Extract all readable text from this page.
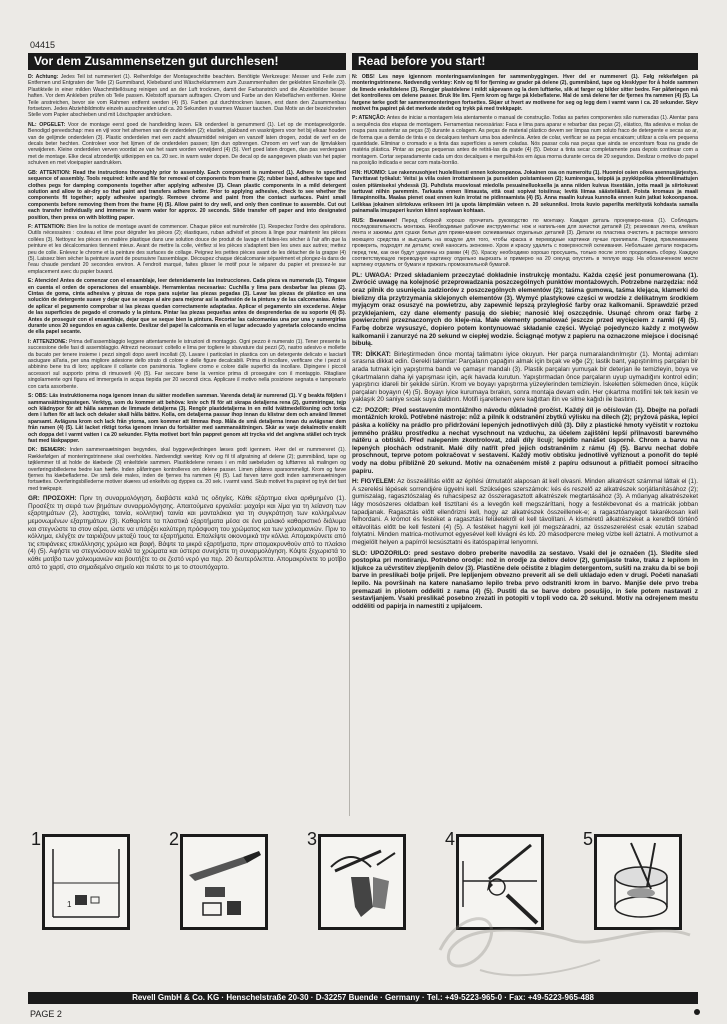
04415
Vor dem Zusammensetzen gut durchlesen!	Read before you start!

D: Achtung: Jedes Teil ist nummeriert (1). Reihenfolge der Montageschritte beachten. Benötigte Werkzeuge: Messer und Feile zum Entfernen und Entgraten der Teile (2) Gummiband, Klebeband und Wäscheklammern zum Zusammenhalten der geklebten Einzelteile (3). Plastikteile in einer milden Waschmittellösung reinigen und an der Luft trocknen, damit der Farbanstrich und die Abziehbilder besser haften. Vor dem Ankleben prüfen ob Teile passen. Klebstoff sparsam auftragen. Chrom und Farbe an den Klebeflächen entfernen. Kleine Teile anstreichen, bevor sie vom Rahmen entfernt werden (4) (5). Farben gut durchtrocknen lassen, erst dann den Zusammenbau fortsetzen. Jedes Abziehbildmotiv einzeln ausschneiden und ca. 20 Sekunden in warmes Wasser tauchen. Das Motiv an der bezeichneten Stelle vom Papier abschieben und mit Löschpapier andrücken.

NL: OPGELET: Voor de montage eerst goed de handleiding lezen. Elk onderdeel is genummerd (1). Let op de montagevolgorde. Benodigd gereedschap: mes en vijl voor het afnemen van de onderdelen (2); elastiek, plakband en wasknijpers voor het bij elkaar houden van de gelijmde onderdelen (3). Plastic onderdelen met een zacht afwasmiddel reinigen en vanzelf laten drogen, zodat de verf en de decals beter hechten. Controleer voor het lijmen of de onderdelen passen; lijm dun opbrengen. Chroom en verf van de lijmvlakken verwijderen. Kleine onderdelen verven voordat ze van het raam worden verwijderd (4) (5). Verf goed laten drogen, dan pas verdergaan met de montage. Elke decal afzonderlijk uitknippen en ca. 20 sec. in warm water dopen. De decal op de aangegeven plaats van het papier schuiven en met vloeipapier aandrukken.

GB: ATTENTION: Read the instructions thoroughly prior to assembly. Each component is numbered (1). Adhere to specified sequence of assembly. Tools required: knife and file for removal of components from frame (2); rubber band, adhesive tape and clothes pegs for damping components together after applying adhesive (3). Clean plastic components in a mild detergent solution and allow to air-dry so that paint and transfers adhere better. Prior to applying adhesive, check to see whether the components fit together; apply adhesive sparingly. Remove chrome and paint from the contact surfaces. Paint small components before removing them from the frame (4) (5). Allow paint to dry well, and only then continue to assemble. Cut out each transfer individually and immerse in warm water for approx. 20 seconds. Slide transfer off paper and into designated position, then press on with blotting paper.

F: ATTENTION: Bien lire la notice de montage avant de commencer. Chaque pièce est numérotée (1). Respectez l'ordre des opérations. Outils nécessaires : couteau et lime pour dégrafer les pièces (2); élastiques, ruban adhésif et pinces à linge pour maintenir les pièces collées (3). Nettoyez les pièces en matière plastique dans une solution douce de produit de lavage et faites-les sécher à l'air afin que la peinture et les décalcomanies tiennent mieux. Avant de mettre la colle, vérifiez si les pièces s'adaptent bien les unes aux autres; mettez peu de colle. Enlevez le chrome et la peinture des surfaces de collage. Peignez les petites pièces avant de les détacher de la grappe (4)(5). Laissez bien sécher la peinture avant de poursuivre l'assemblage. Découpez chaque décalcomanie séparément et plongez-la dans de l'eau chaude pendant 20 secondes environ. A l'endroit marqué, faites glisser le motif pour le séparer du papier et pressez-le sur emplacement avec du papier buvard.

E: Atención! Antes de comenzar con el ensamblaje, leer detenidamente las instrucciones. Cada pieza va numerada (1). Téngase en cuenta el orden de operaciones del ensamblaje. Herramientas necesarias: Cuchilla y lima para desbarbar las piezas (2). Cintas de goma, cinta adhesiva y pinzas de ropa para sujetar las piezas pegadas (3). Lavar las piezas de plástico en una solución de detergente suave y dejar que se seque al aire para mejorar así la adhesión de la pintura y de las calcomanías. Antes de aplicar el pegamento comprobar si las piezas quedan correctamente adaptadas. Aplicar el pegamento sin excederse. Alejar de las superficies de pegado el cromado y la pintura. Pintar las piezas pequeñas antes de desprenderlas de su soporte (4) (5). Antes de proseguir con el ensamblaje, dejar que se seque bien la pintura. Recortar las calcomanías una por una y sumergirlas durante unos 20 segundos en agua caliente. Deslizar del papel la calcomanía en el lugar adecuado y apretarla colocando encima de ella papel secante.

I: ATTENZIONE: Prima dell'assemblaggio leggere attentamente le istruzioni di montaggio. Ogni pezzo è numerato (1). Tener presente la successione delle fasi di assemblaggio. Attrezzi necessari: coltello e lima per togliere le sbavature dai pezzi (2), nastro adesivo e mollette da bucato per tenere insieme i pezzi singoli dopo averli incollati (3). Lavare i particolari in plastica con un detergente delicato e lasciarli asciugare all'aria, per una migliore adesione dello strato di colore e delle figure decalcabili. Prima di incollare, verificare che i pezzi si abbinino bene tra di loro; applicare il collante con parsimonia. Togliere cromo e colore dalle superfici da incollare. Dipingere i piccoli accessori sul supporto prima di rimuoverli (4) (5). Far seccare bene la vernice prima di proseguire con il montaggio. Ritagliare singolarmente ogni figura ed immergerla in acqua tiepida per 20 secondi circa. Applicare il motivo nella posizione segnata e tamponarlo con carta assorbente.

S: OBS: Läs instruktionerna noga igenom innan du sätter modellen samman. Varenda detalj är numrerad (1). V g beakta följden i sammansättningsstegen. Verktyg, som du kommer att behöva: kniv och fil för att skrapa detaljerna rena (2), gummiringar, tejp och klädnypor för att hålla samman de limmade detaljerna (3). Rengör plastdetaljerna in en mild tvättmedellösning och torka dem i luften för att lack och dekaler skall hålla bättre. Kolla, om detaljerna passar ihop innan du klistrar dem och använd limmet sparsamt. Avlägsna krom och lack från ytorna, som kommer att limmas ihop. Måla de små detaljerna innan du avlägsnar dem från ramen (4) (5). Låt lacket riktigt torka igenom innan du fortsätter med sammansättningen. Skär av varje dekalmotiv enskilt och doppa det i varmt vatten i ca 20 sekunder. Flytta motivet bort från pappret genom att trycka vid det angivna stället och tryck fast med läskpapper.

DK: BEMÆRK: Inden sammensætningen begyndes, skal byggevejledningen læses godt igennem. Hver del er nummereret (1). Rækkefølgen af monteringstrinnene skal overholdes. Nødvendigt værktøj: Kniv og fil til afgratning af delene (2); gummibånd, tape og tøjklemmer til at holde de klæbede (3) enkeltdele sammen. Plastikdelene renses i en mild sæbeluden og lufttørres så malingen og overføringsbillederne bedre kan hæfte. Inden påføringen kontrolleres om delene passer. Limen påføres sparsommeligt. Krom og farve fjernes fra klæbefladerne. De små dele males, inden de fjernes fra rammen (4) (5). Lad farven tørre godt inden sammensætningen fortsættes. Overføringsbillederne motiver skæres ud enkeltvis og dyppes ca. 20 sek. i varmt vand. Skub motivet fra papiret og tryk det fast med trækpapir.

GR: ΠΡΟΣΟΧΗ: Πριν τη συναρμολόγηση, διαβάστε καλά τις οδηγίες. Κάθε εξάρτημα είναι αριθμημένο (1). Προσέξτε τη σειρά των βημάτων συναρμολόγησης. Απαιτούμενα εργαλεία: μαχαίρι και λίμα για τη λείανση των εξαρτημάτων (2), λαστιχάκι, ταινία, κολλητική ταινία και μανταλάκια για τη συγκράτηση των κολλημένων μεμονωμένων εξαρτημάτων (3). Καθαρίστε τα πλαστικά εξαρτήματα μέσα σε ένα μαλακό καθαριστικό διάλυμα και στεγνώστε τα στον αέρα, ώστε να υπάρξει καλύτερη πρόσφυση του χρώματος και των χαλκομανιών. Πριν το κόλλημα, ελέγξτε αν ταιριάζουν μεταξύ τους τα εξαρτήματα. Επαλείψτε οικονομικά την κόλλα. Απομακρύνετε από τις επιφάνειες επικόλλησης χρώμιο και βαφή. Βάψτε τα μικρά εξαρτήματα, πριν απομακρυνθούν από το πλαίσιο (4) (5). Αφήστε να στεγνώσουν καλά τα χρώματα και ύστερα συνεχίστε τη συναρμολόγηση. Κόψτε ξεχωριστά το κάθε μοτίβο των χαλκομανιών και βουτήξτε το σε ζεστό νερό για περ. 20 δευτερόλεπτα. Απομακρύνετε το μοτίβο από το χαρτί, στο σημαδεμένο σημείο και πιέστε το με το στουπόχαρτο.

N: OBS! Les nøye igjennom monteringsanvisningen før sammenbyggingen. Hver del er nummerert (1). Følg rekkefølgen på monteringstrinnene. Nødvendig verktøy: Kniv og fil for fjerning av grader på delene (2), gummibånd, tape og klesklyper for å holde sammen de limede enkeltdelene (3). Rengjør plastdelene i mildt såpevann og la dem lufttørke, slik at farger og bilder sitter bedre. Før påføringen må det kontrolleres om delene passer. Bruk lite lim. Fjern krom og farge på klebeflatene. Mal de små delene før de fjernes fra rammen (4) (5). La fargene tørke godt før sammenmonteringen fortsettes. Skjær ut hvert av motivene for seg og legg dem i varmt vann i ca. 20 sekunder. Skyv motivet fra papiret på det merkede stedet og trykk på med trekkpapir.

P: ATENÇÃO: Antes de iniciar a montagem leia atentamente o manual de construção. Todas as partes componentes são numeradas (1). Atentar para a sequência dos etapas de montagem. Ferramentas necessárias: Faca e lima para aparar e rebarbar das peças (2), elástico, fita adesiva e molas de roupa para sustentar as peças (3) durante a colagem. As peças de material plástico devem ser limpas num soluto fraco de detergente e secas ao ar, de forma que a demão de tinta e os decalques tenham uma boa aderência. Antes de colar, verificar se as peças encaixam; utilizar a cola em pequena quantidade. Eliminar o cromado e a tinta das superfícies a serem coladas. Nós passar cola nas peças que ainda se encontram fixas na grade de matéria plástica. Pintar as peças pequenas antes de retirá-las da grade (4) (5). Deixar a tinta secar completamente para depois continuar com a montagem. Cortar separadamente cada um dos decalques e mergulhá-los em água morna durante cerca de 20 segundos. Deslizar o motivo do papel na posição indicada e secar com mata-borrão.

FIN: HUOMIO: Lue rakennusohjeet huolellisesti ennen kokoonpanoa. Jokainen osa on numeroitu (1). Huomioi osien oikea asennusjärjestys. Tarvittavat työkalut: Veitsi ja viila osien irrottamiseen ja purseiden poistamiseen (2); kumirengas, teippiä ja pyykkipoikia yhteenliimattujen osien pitämiseksi yhdessä (3). Puhdista muoviosat miedolla pesuainelluoksella ja anna niiden kuivua itsestään, jotta maali ja siirtokuvat tarttuvat niihin paremmin. Tarkasta ennen liimausta, että osat sopivat toisiinsa; levitä liimaa säästeliäästi. Poista kromaus ja maali liimapinnoilta. Maalaa pienet osat ennen kuin irrotat ne pidinraamista (4) (5). Anna maalin kuivua kunnolla ennen kuin jatkat kokoonpanoa. Leikkaa jokainen siirtokuva erikseen irti ja upota lämpimään veteen n. 20 sekunniksi. Irrota kuvio paperilta merkitystä kohdasta samalla painamalla imupaperi kuvion kiinni sopivaan kohtaan.

RUS: Внимание! Перед сборкой хорошо прочитать руководство по монтажу. Каждая деталь пронумеро-вана (1). Соблюдать последовательность монтажа. Необходимые рабочие инструменты: нож и напиль-ник для зачистки деталей (2); резиновая лента, клейкая лента и зажимы для сушки белья для прижи-мания склеиваемых отдельных деталей (3). Детали из пластика очистить в растворе мягкого моющего средства и высушить на воздухе для того, чтобы краска и переводные картинки лучше прилипали. Перед приклеиванием проверить, подходят ли детали; клей наносить экономно. Хром и краску удалить с поверхностей склеивания. Небольшие детали покрасить перед тем, как они будут удалены из рамки (4) (5). Краску необходимо хорошо просушить, только после этого продолжать сборку. Каждую соответствующую переводную картинку отдельно вырезать и примерно на 20 секунд опустить в теплую воду. На обозначенном месте картинку отделить от бумаги и прижать промокательной бумагой.

PL: UWAGA: Przed składaniem przeczytać dokładnie instrukcję montażu. Każda część jest ponumerowana (1). Zwrócić uwagę na kolejność przeprowadzania poszczególnych punktów montażowych. Potrzebne narzędzia: nóż oraz pilnik do usunięcia zadziorów z poszczególnych elementów (2); taśma gumowa, taśma klejąca, klamerki do bielizny dla przytrzymania sklejonych elementów (3). Wymyć plastykowe części w wodzie z delikatnym środkiem myjącym oraz osuszyć na powietrzu, aby zapewnić lepszą przyległość farby oraz kalkomanii. Sprawdzić przed przyklejaniem, czy dane elementy pasują do siebie; nanosić klej oszczędnie. Usunąć chrom oraz farbę z powierzchni przeznaczonych do kleje-nia. Małe elementy pomalować jeszcze przed wycięciem z ramki (4) (5). Farbę dobrze wysuszyć, dopiero potem kontynuować składanie części. Wyciąć pojedynczo każdy z motywów kalkomanii i zanurzyć na 20 sekund w ciepłej wodzie. Ściągnąć motyw z papieru na oznaczone miejsce i docisnąć bibułą.

TR: DİKKAT: Birleştirmeden önce montaj talimatını iyice okuyun. Her parça numaralandırılmıştır (1). Montaj adımları sırasına dikkat edin. Gerekli takımlar: Parçaların çapağını almak için bıçak ve eğe (2); lastik bant, yapıştırılmış parçaları bir arada tutmak için yapıştırma bandı ve çamaşır mandalı (3). Plastik parçaları yumuşak bir deterjan ile temizleyin, boya ve çıkartmaların daha iyi yapışması için, açık havada kurutun. Yapıştırmadan önce parçaların uyup uymadığını kontrol edin; yapıştırıcı idareli bir şekilde sürün. Krom ve boyayı yapıştırma yüzeylerinden temizleyin. İskeletten sökmeden önce, küçük parçaları boyayın (4) (5). Boyayı iyice kurumaya bırakın, sonra montaja devam edin. Her çıkartma motifini tek tek kesin ve yaklaşık 20 saniye sıcak suya daldırın. Motifi işaretlenen yere kağıttan itin ve silme kağıdı ile bastırın.

CZ: POZOR: Před sestavením montážního návodu důkladně pročíst. Každý díl je očíslován (1). Dbejte na pořadí montážních kroků. Potřebné nástroje: nůž a pilník k odstranění zbytků výlisku na dílech (2); pryžová páska, lepicí páska a kolíčky na prádlo pro přidržování lepených jednotlivých dílů (3). Díly z plastické hmoty vyčistit v roztoku jemného prášku prostředku a nechat vyschnout na vzduchu, za účelem zajištění lepší přilnavosti barevného nátěru a obtisků. Před nalepením zkontrolovat, zdali díly licují; lepidlo nanášet úsporně. Chrom a barvu na lepených plochách odstranit. Malé díly natřít před jejich odstraněním z rámu (4) (5). Barvu nechat dobře proschnout, teprve potom pokračovat v sestavení. Každý motiv obtisku jednotlivě vyříznout a ponořit do teplé vody na dobu přibližně 20 sekund. Motiv na označeném místě z papíru odsunout a přitlačit pomocí sitracího papíru.

H: FIGYELEM: Az összeállítás előtt az építési útmutatót alaposan át kell olvasni. Minden alkatrészt számmal láttak el (1). A szerelési lépések sorrendjére ügyelni kell. Szükséges szerszámok: kés és reszelő az alkatrészek sorjátlanításához (2); gumiszalag, ragasztószalag és ruhacsipesz az összeragasztott alkatrészek megtartásához (3). A műanyag alkatrészeket lágy mosószeres oldatban kell tisztítani és a levegőn kell megszáríttani, hogy a festékbevonat és a matricák jobban tapadjanak. Ragasztás előtt ellenőrizni kell, hogy az alkatrészek összeillenek-e; a ragasztóanyagot takarékosan kell felhordani. A krómot és festéket a ragasztási felületekről el kell távolítani. A kisméretű alkatrészeket a keretből történő eltávolítás előtt be kell festeni (4) (5). A festéket hagyni kell jól megszáradni, az összeszerelést csak ezután szabad folytatni. Minden matrica-motívumot egyesével kell kivágni és kb. 20 másodpercre meleg vízbe kell áztatni. A motívumot a megjelölt helyen a papírról lecsúsztatni és itatóspapírral lenyomni.

SLO: UPOZORILO: pred sestavo dobro preberite navodila za sestavo. Vsaki del je označen (1). Sledite sled postopka pri montiranju. Potrebno orodje: nož in orodje za deltov delov (2), gumijaste trake, traka z lepilom in kljukce za učvrstitev zlepljenih delov (3). Plastične dele očistite z blagim detergentom, sušiti na zraku da bi se boji barve in preslikači bolje prijeli. Pre lepljenjem obvezno preverit ali se deli ukladajo eden v drugi. Početi nanašati lepilo. Na površinah na katere nanašamo lepilo treba prvo odstraniti krom in barvo. Manjše dele prvo treba premazati in pliotem odđeliti z rama (4) (5). Pustiti da se barve dobro posušijo, in šele potem nastavati z sestavljanjem. Vsaki preslikač posebno zrezati in potopiti v topli vodo ca. 20 sekund. Motiv na odrejenem mestu odděliti od papirja in namestiti z upijalcem.

1
1
2	3	4	5
Revell GmbH & Co. KG · Henschelstraße 20-30 · D-32257 Buende · Germany · Tel.: +49-5223-965-0 · Fax: +49-5223-965-488
PAGE 2
